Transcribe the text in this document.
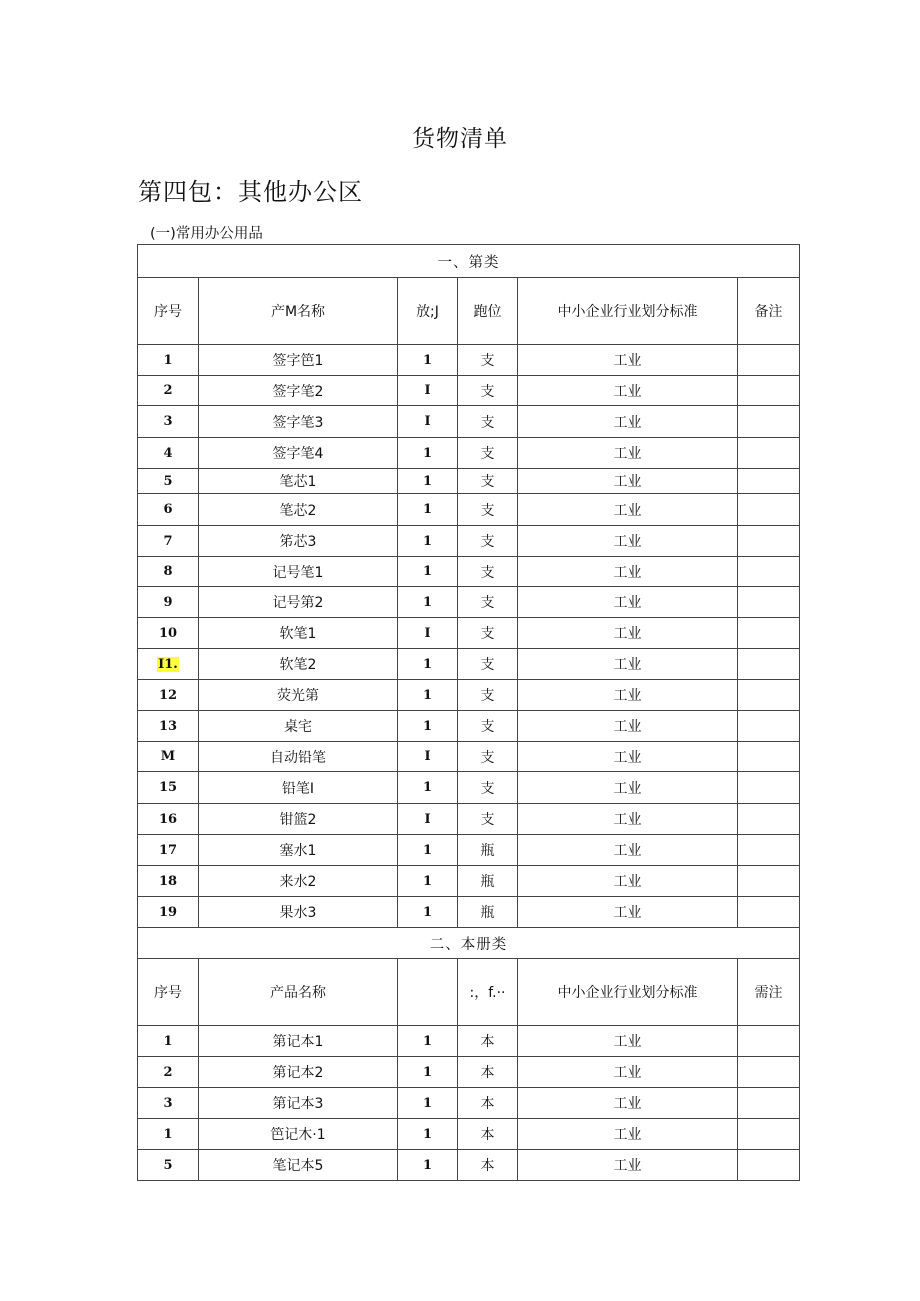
货物清单
第四包：其他办公区
(一)常用办公用品
一、第类					
序号	产M名称	放;J	跑位	中小企业行业划分标准	备注
1	签字笆1	1	支	工业	
2	签字笔2	I	支	工业	
3	签字笔3	I	支	工业	
4	签字笔4	1	支	工业	
5	笔芯1	1	支	工业	
6	笔芯2	1	支	工业	
7	笫芯3	1	支	工业	
8	记号笔1	1	支	工业	
9	记号第2	1	支	工业	
10	软笔1	I	支	工业	
I1.	软笔2	1	支	工业	
12	荧光第	1	支	工业	
13	桌宅	1	支	工业	
M	自动铅笔	I	支	工业	
15	铅笔I	1	支	工业	
16	钳篮2	I	支	工业	
17	塞水1	1	瓶	工业	
18	来水2	1	瓶	工业	
19	果水3	1	瓶	工业	
二、本册类					
序号	产品名称		:，f.··	中小企业行业划分标准	需注
1	第记本1	1	本	工业	
2	第记本2	1	本	工业	
3	第记本3	1	本	工业	
1	笆记木·1	1	本	工业	
5	笔记本5	1	本	工业	
